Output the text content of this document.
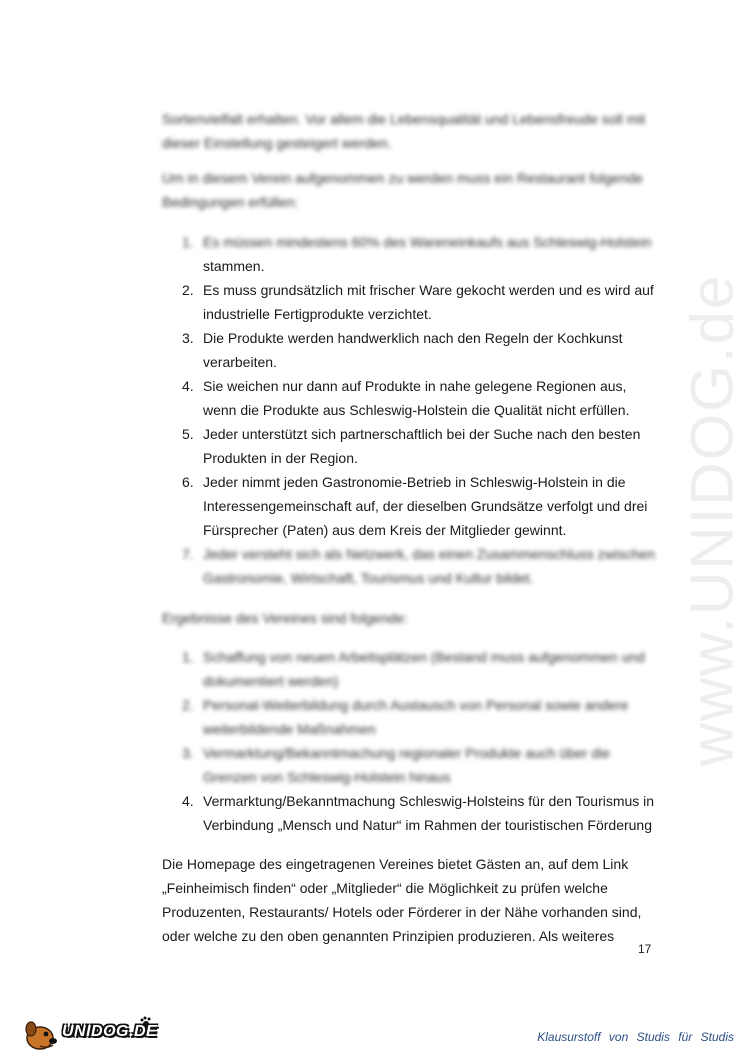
www.UNIDOG.de
Sortenvielfalt erhalten. Vor allem die Lebensqualität und Lebensfreude soll mit dieser Einstellung gesteigert werden.
Um in diesem Verein aufgenommen zu werden muss ein Restaurant folgende Bedingungen erfüllen:
1. Es müssen mindestens 60% des Wareneinkaufs aus Schleswig-Holstein
stammen.
2. Es muss grundsätzlich mit frischer Ware gekocht werden und es wird auf industrielle Fertigprodukte verzichtet.
3. Die Produkte werden handwerklich nach den Regeln der Kochkunst verarbeiten.
4. Sie weichen nur dann auf Produkte in nahe gelegene Regionen aus, wenn die Produkte aus Schleswig-Holstein die Qualität nicht erfüllen.
5. Jeder unterstützt sich partnerschaftlich bei der Suche nach den besten Produkten in der Region.
6. Jeder nimmt jeden Gastronomie-Betrieb in Schleswig-Holstein in die Interessengemeinschaft auf, der dieselben Grundsätze verfolgt und drei Fürsprecher (Paten) aus dem Kreis der Mitglieder gewinnt.
7. Jeder versteht sich als Netzwerk, das einen Zusammenschluss zwischen Gastronomie, Wirtschaft, Tourismus und Kultur bildet.
Ergebnisse des Vereines sind folgende:
1. Schaffung von neuen Arbeitsplätzen (Bestand muss aufgenommen und dokumentiert werden)
2. Personal-Weiterbildung durch Austausch von Personal sowie andere weiterbildende Maßnahmen
3. Vermarktung/Bekanntmachung regionaler Produkte auch über die Grenzen von Schleswig-Holstein hinaus
4. Vermarktung/Bekanntmachung Schleswig-Holsteins für den Tourismus in Verbindung „Mensch und Natur“ im Rahmen der touristischen Förderung
Die Homepage des eingetragenen Vereines bietet Gästen an, auf dem Link „Feinheimisch finden“ oder „Mitglieder“ die Möglichkeit zu prüfen welche Produzenten, Restaurants/ Hotels oder Förderer in der Nähe vorhanden sind, oder welche zu den oben genannten Prinzipien produzieren. Als weiteres
17
UNIDOG.DE	Klausurstoff von Studis für Studis
